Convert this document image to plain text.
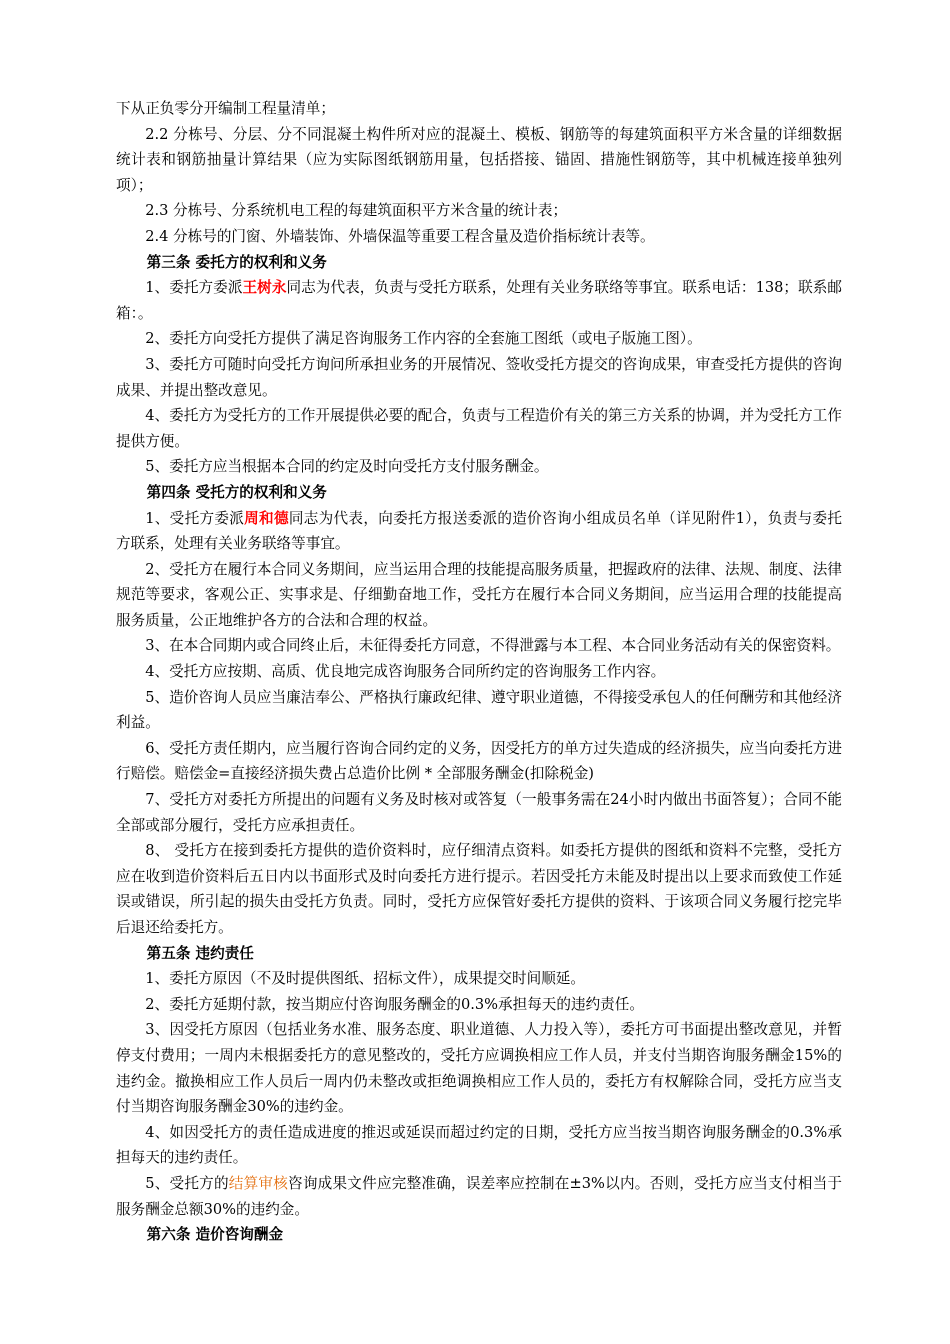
下从正负零分开编制工程量清单；

2.2 分栋号、分层、分不同混凝土构件所对应的混凝土、模板、钢筋等的每建筑面积平方米含量的详细数据统计表和钢筋抽量计算结果（应为实际图纸钢筋用量，包括搭接、锚固、措施性钢筋等，其中机械连接单独列项）；

2.3 分栋号、分系统机电工程的每建筑面积平方米含量的统计表；

2.4 分栋号的门窗、外墙装饰、外墙保温等重要工程含量及造价指标统计表等。

第三条 委托方的权利和义务

1、委托方委派王树永同志为代表，负责与受托方联系，处理有关业务联络等事宜。联系电话：138；联系邮箱：。

2、委托方向受托方提供了满足咨询服务工作内容的全套施工图纸（或电子版施工图）。

3、委托方可随时向受托方询问所承担业务的开展情况、签收受托方提交的咨询成果，审查受托方提供的咨询成果、并提出整改意见。

4、委托方为受托方的工作开展提供必要的配合，负责与工程造价有关的第三方关系的协调，并为受托方工作提供方便。

5、委托方应当根据本合同的约定及时向受托方支付服务酬金。

第四条 受托方的权利和义务

1、受托方委派周和德同志为代表，向委托方报送委派的造价咨询小组成员名单（详见附件1），负责与委托方联系，处理有关业务联络等事宜。

2、受托方在履行本合同义务期间，应当运用合理的技能提高服务质量，把握政府的法律、法规、制度、法律规范等要求，客观公正、实事求是、仔细勤奋地工作，受托方在履行本合同义务期间，应当运用合理的技能提高服务质量，公正地维护各方的合法和合理的权益。

3、在本合同期内或合同终止后，未征得委托方同意，不得泄露与本工程、本合同业务活动有关的保密资料。

4、受托方应按期、高质、优良地完成咨询服务合同所约定的咨询服务工作内容。

5、造价咨询人员应当廉洁奉公、严格执行廉政纪律、遵守职业道德，不得接受承包人的任何酬劳和其他经济利益。

6、受托方责任期内，应当履行咨询合同约定的义务，因受托方的单方过失造成的经济损失，应当向委托方进行赔偿。赔偿金=直接经济损失费占总造价比例 * 全部服务酬金(扣除税金)

7、受托方对委托方所提出的问题有义务及时核对或答复（一般事务需在24小时内做出书面答复）；合同不能全部或部分履行，受托方应承担责任。

8、 受托方在接到委托方提供的造价资料时，应仔细清点资料。如委托方提供的图纸和资料不完整，受托方应在收到造价资料后五日内以书面形式及时向委托方进行提示。若因受托方未能及时提出以上要求而致使工作延误或错误，所引起的损失由受托方负责。同时，受托方应保管好委托方提供的资料、于该项合同义务履行挖完毕后退还给委托方。

第五条 违约责任

1、委托方原因（不及时提供图纸、招标文件），成果提交时间顺延。

2、委托方延期付款，按当期应付咨询服务酬金的0.3%承担每天的违约责任。

3、因受托方原因（包括业务水准、服务态度、职业道德、人力投入等），委托方可书面提出整改意见，并暂停支付费用；一周内未根据委托方的意见整改的，受托方应调换相应工作人员，并支付当期咨询服务酬金15%的违约金。撤换相应工作人员后一周内仍未整改或拒绝调换相应工作人员的，委托方有权解除合同，受托方应当支付当期咨询服务酬金30%的违约金。

4、如因受托方的责任造成进度的推迟或延误而超过约定的日期，受托方应当按当期咨询服务酬金的0.3%承担每天的违约责任。

5、受托方的结算审核咨询成果文件应完整准确，误差率应控制在±3%以内。否则，受托方应当支付相当于服务酬金总额30%的违约金。

第六条 造价咨询酬金
